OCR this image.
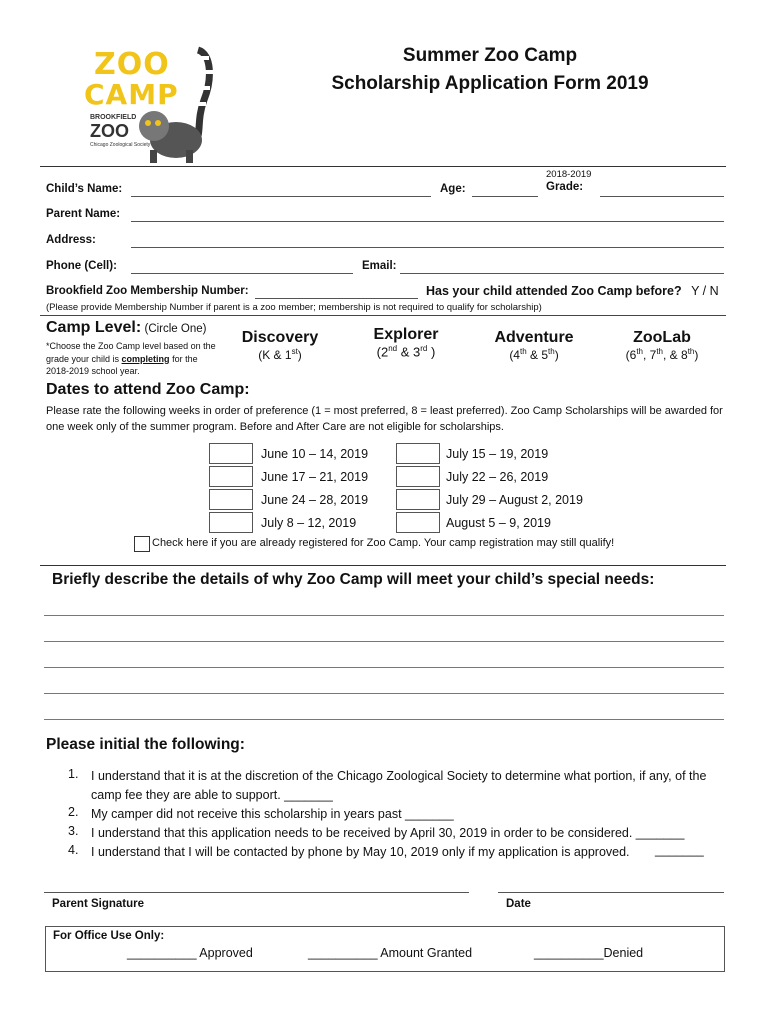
ZOO
CAMP
BROOKFIELD
ZOO
Chicago Zoological Society
Summer Zoo Camp
Scholarship Application Form 2019
2018-2019
Child’s Name:	Age:	Grade:
Parent Name:
Address:
Phone (Cell):	Email:
Brookfield Zoo Membership Number:	Has your child attended Zoo Camp before? Y / N
(Please provide Membership Number if parent is a zoo member; membership is not required to qualify for scholarship)
Camp Level: (Circle One)
*Choose the Zoo Camp level based on the grade your child is completing for the 2018-2019 school year.
Discovery
(K & 1st)
Explorer
(2nd & 3rd )
Adventure
(4th & 5th)
ZooLab
(6th, 7th, & 8th)
Dates to attend Zoo Camp:
Please rate the following weeks in order of preference (1 = most preferred, 8 = least preferred). Zoo Camp Scholarships will be awarded for one week only of the summer program. Before and After Care are not eligible for scholarships.
June 10 – 14, 2019
June 17 – 21, 2019
June 24 – 28, 2019
July 8 – 12, 2019
July 15 – 19, 2019
July 22 – 26, 2019
July 29 – August 2, 2019
August 5 – 9, 2019
Check here if you are already registered for Zoo Camp. Your camp registration may still qualify!
Briefly describe the details of why Zoo Camp will meet your child’s special needs:
Please initial the following:
1. I understand that it is at the discretion of the Chicago Zoological Society to determine what portion, if any, of the camp fee they are able to support. _______
2. My camper did not receive this scholarship in years past _______
3. I understand that this application needs to be received by April 30, 2019 in order to be considered. _______
4. I understand that I will be contacted by phone by May 10, 2019 only if my application is approved.	_______
Parent Signature	Date
For Office Use Only:
__________ Approved	__________ Amount Granted	__________Denied
